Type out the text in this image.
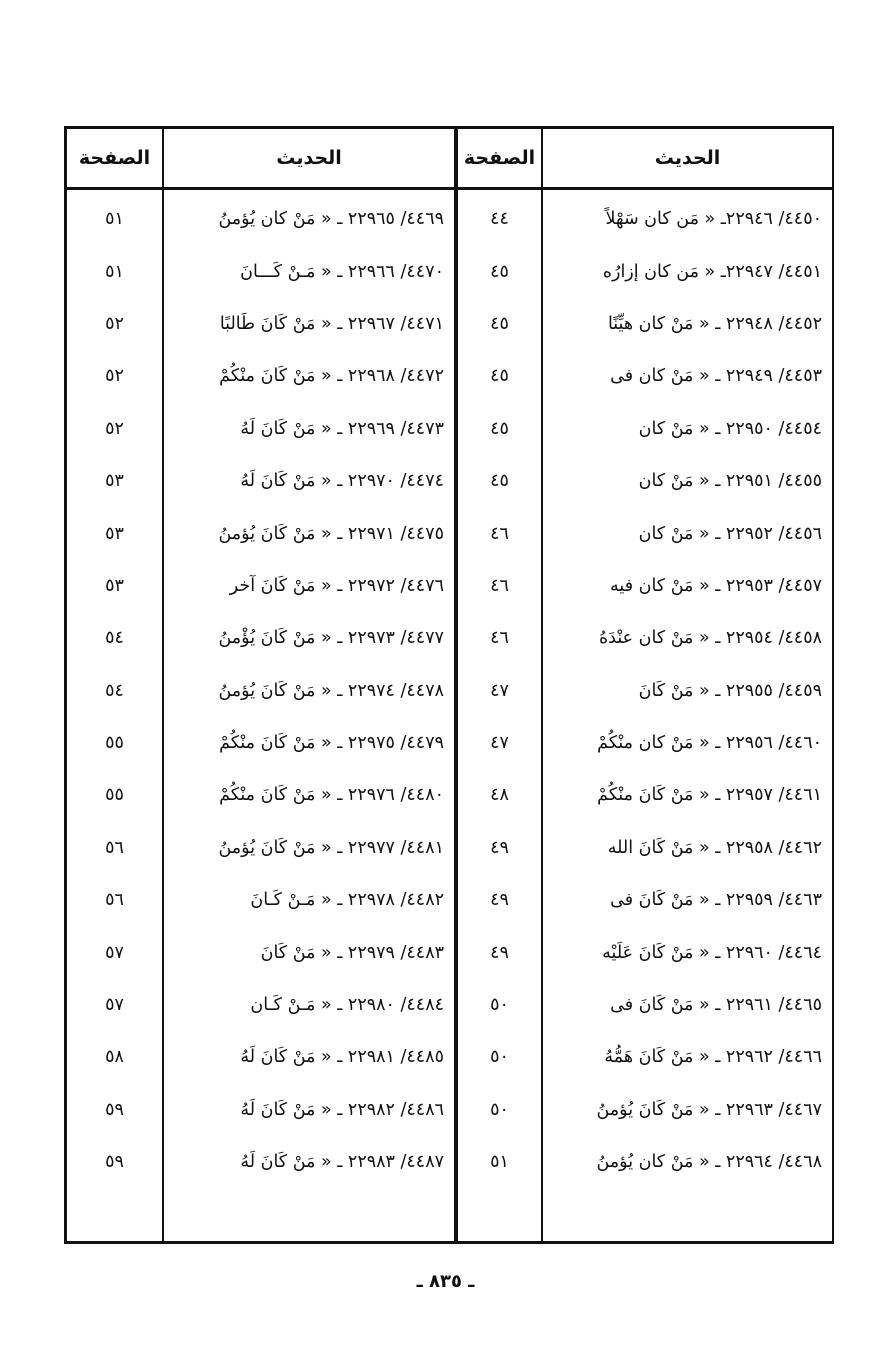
الحديث
٤٤٥٠/ ٢٢٩٤٦ـ « مَن كان سَهْلاً
٤٤٥١/ ٢٢٩٤٧ـ « مَن كان إزارُه
٤٤٥٢/ ٢٢٩٤٨ ـ « مَنْ كان هيِّنًا
٤٤٥٣/ ٢٢٩٤٩ ـ « مَنْ كان فى
٤٤٥٤/ ٢٢٩٥٠ ـ « مَنْ كان
٤٤٥٥/ ٢٢٩٥١ ـ « مَنْ كان
٤٤٥٦/ ٢٢٩٥٢ ـ « مَنْ كان
٤٤٥٧/ ٢٢٩٥٣ ـ « مَنْ كان فيه
٤٤٥٨/ ٢٢٩٥٤ ـ « مَنْ كان عنْدَهُ
٤٤٥٩/ ٢٢٩٥٥ ـ « مَنْ كَانَ
٤٤٦٠/ ٢٢٩٥٦ ـ « مَنْ كان منْكُمْ
٤٤٦١/ ٢٢٩٥٧ ـ « مَنْ كَانَ منْكُمْ
٤٤٦٢/ ٢٢٩٥٨ ـ « مَنْ كَانَ الله
٤٤٦٣/ ٢٢٩٥٩ ـ « مَنْ كَانَ فى
٤٤٦٤/ ٢٢٩٦٠ ـ « مَنْ كَانَ عَلَيْه
٤٤٦٥/ ٢٢٩٦١ ـ « مَنْ كَانَ فى
٤٤٦٦/ ٢٢٩٦٢ ـ « مَنْ كَانَ هَمُّهُ
٤٤٦٧/ ٢٢٩٦٣ ـ « مَنْ كَانَ يُؤمنُ
٤٤٦٨/ ٢٢٩٦٤ ـ « مَنْ كان يُؤمنُ
الصفحة
٤٤
٤٥
٤٥
٤٥
٤٥
٤٥
٤٦
٤٦
٤٦
٤٧
٤٧
٤٨
٤٩
٤٩
٤٩
٥٠
٥٠
٥٠
٥١
الحديث
٤٤٦٩/ ٢٢٩٦٥ ـ « مَنْ كان يُؤمنُ
٤٤٧٠/ ٢٢٩٦٦ ـ « مَـنْ كَـــانَ
٤٤٧١/ ٢٢٩٦٧ ـ « مَنْ كَانَ طَالبًا
٤٤٧٢/ ٢٢٩٦٨ ـ « مَنْ كَانَ منْكُمْ
٤٤٧٣/ ٢٢٩٦٩ ـ « مَنْ كَانَ لَهُ
٤٤٧٤/ ٢٢٩٧٠ ـ « مَنْ كَانَ لَهُ
٤٤٧٥/ ٢٢٩٧١ ـ « مَنْ كَانَ يُؤمنُ
٤٤٧٦/ ٢٢٩٧٢ ـ « مَنْ كَانَ آخر
٤٤٧٧/ ٢٢٩٧٣ ـ « مَنْ كَانَ يُؤْمنُ
٤٤٧٨/ ٢٢٩٧٤ ـ « مَنْ كَانَ يُؤمنُ
٤٤٧٩/ ٢٢٩٧٥ ـ « مَنْ كَانَ منْكُمْ
٤٤٨٠/ ٢٢٩٧٦ ـ « مَنْ كَانَ منْكُمْ
٤٤٨١/ ٢٢٩٧٧ ـ « مَنْ كَانَ يُؤمنُ
٤٤٨٢/ ٢٢٩٧٨ ـ « مَـنْ كَـانَ
٤٤٨٣/ ٢٢٩٧٩ ـ « مَنْ كَانَ
٤٤٨٤/ ٢٢٩٨٠ ـ « مَـنْ كَـان
٤٤٨٥/ ٢٢٩٨١ ـ « مَنْ كَانَ لَهُ
٤٤٨٦/ ٢٢٩٨٢ ـ « مَنْ كَانَ لَهُ
٤٤٨٧/ ٢٢٩٨٣ ـ « مَنْ كَانَ لَهُ
الصفحة
٥١
٥١
٥٢
٥٢
٥٢
٥٣
٥٣
٥٣
٥٤
٥٤
٥٥
٥٥
٥٦
٥٦
٥٧
٥٧
٥٨
٥٩
٥٩
ـ ٨٣٥ ـ
